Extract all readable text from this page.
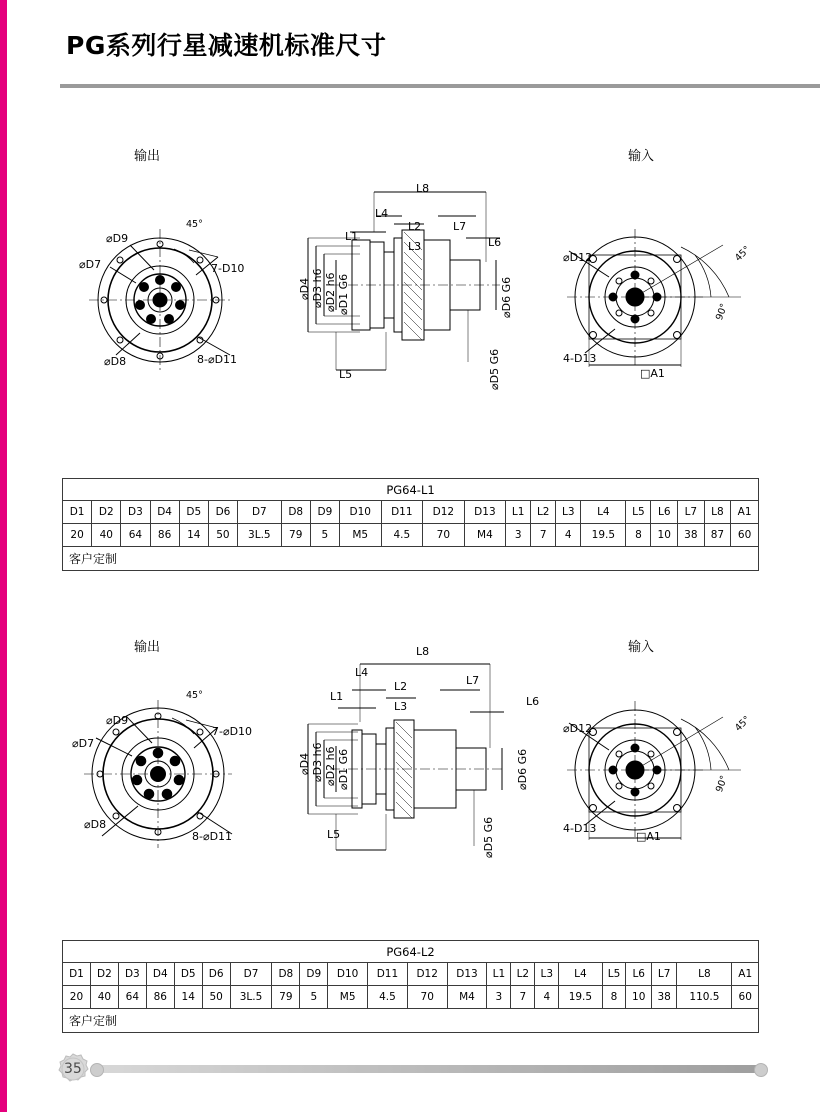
PG系列行星减速机标准尺寸
输出	输入
⌀D9
⌀D7
⌀D8
45°
7-D10
8-⌀D11
L8
L4
L1
L2
L3
L7
L6
L5
⌀D4 ⌀D3 h6 ⌀D2 h6 ⌀D1 G6	⌀D6 G6
⌀D5 G6
⌀D12
4-D13
□A1
45°
90°
PG64-L1																					
D1	D2	D3	D4	D5	D6	D7	D8	D9	D10	D11	D12	D13	L1	L2	L3	L4	L5	L6	L7	L8	A1
20	40	64	86	14	50	3L.5	79	5	M5	4.5	70	M4	3	7	4	19.5	8	10	38	87	60
客户定制																					
输出	输入
⌀D9
⌀D7
⌀D8
45°
7-⌀D10
8-⌀D11
L8
L4
L1
L2
L3
L7
L6
L5
⌀D4 ⌀D3 h6 ⌀D2 h6 ⌀D1 G6	⌀D6 G6
⌀D5 G6
⌀D12
4-D13
□A1
45°
90°
PG64-L2																					
D1	D2	D3	D4	D5	D6	D7	D8	D9	D10	D11	D12	D13	L1	L2	L3	L4	L5	L6	L7	L8	A1
20	40	64	86	14	50	3L.5	79	5	M5	4.5	70	M4	3	7	4	19.5	8	10	38	110.5	60
客户定制																					
35
